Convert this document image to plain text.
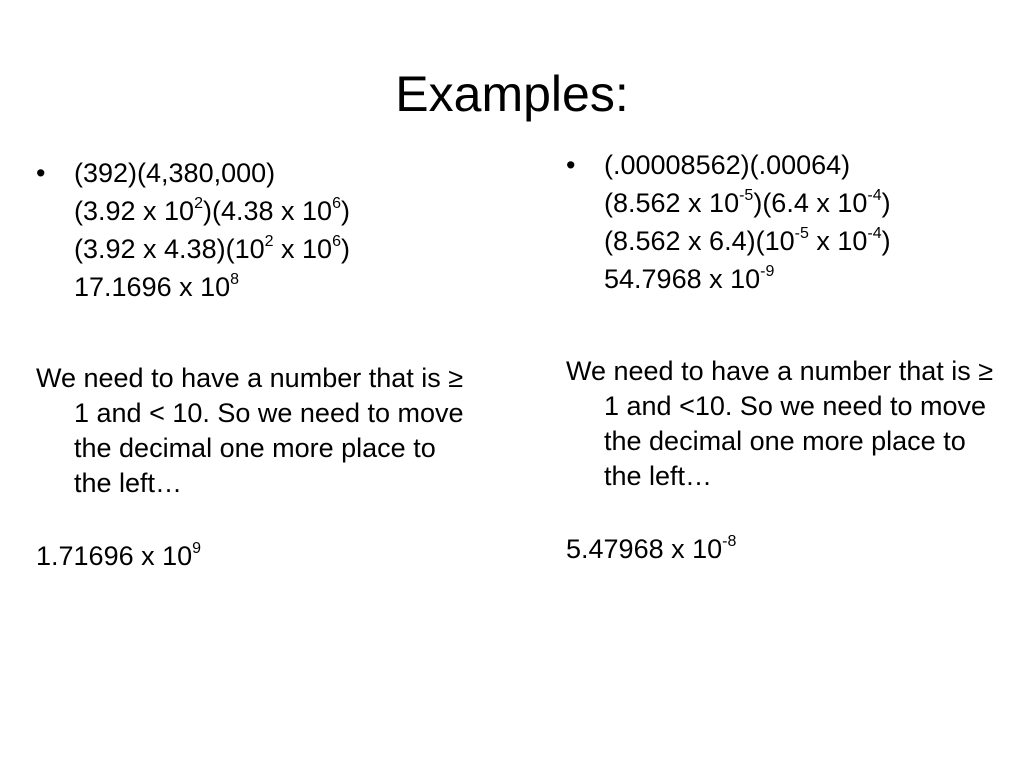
Examples:
• (392)(4,380,000)
(3.92 x $10^2)(4.38$ x $10^6$)
(3.92 x $4.38)(10^2$ x $10^6$)
17.1696 x $10^8$
We need to have a number that is ≥ 1 and < 10. So we need to move the decimal one more place to the left…
1.71696 x $10^9$
• (.00008562)(.00064)
(8.562 x $10^{-5})(6.4$ x $10^{-4}$)
(8.562 x $6.4)(10^{-5}$ x $10^{-4}$)
54.7968 x $10^{-9}$
We need to have a number that is ≥ 1 and <10. So we need to move the decimal one more place to the left…
5.47968 x $10^{-8}$
